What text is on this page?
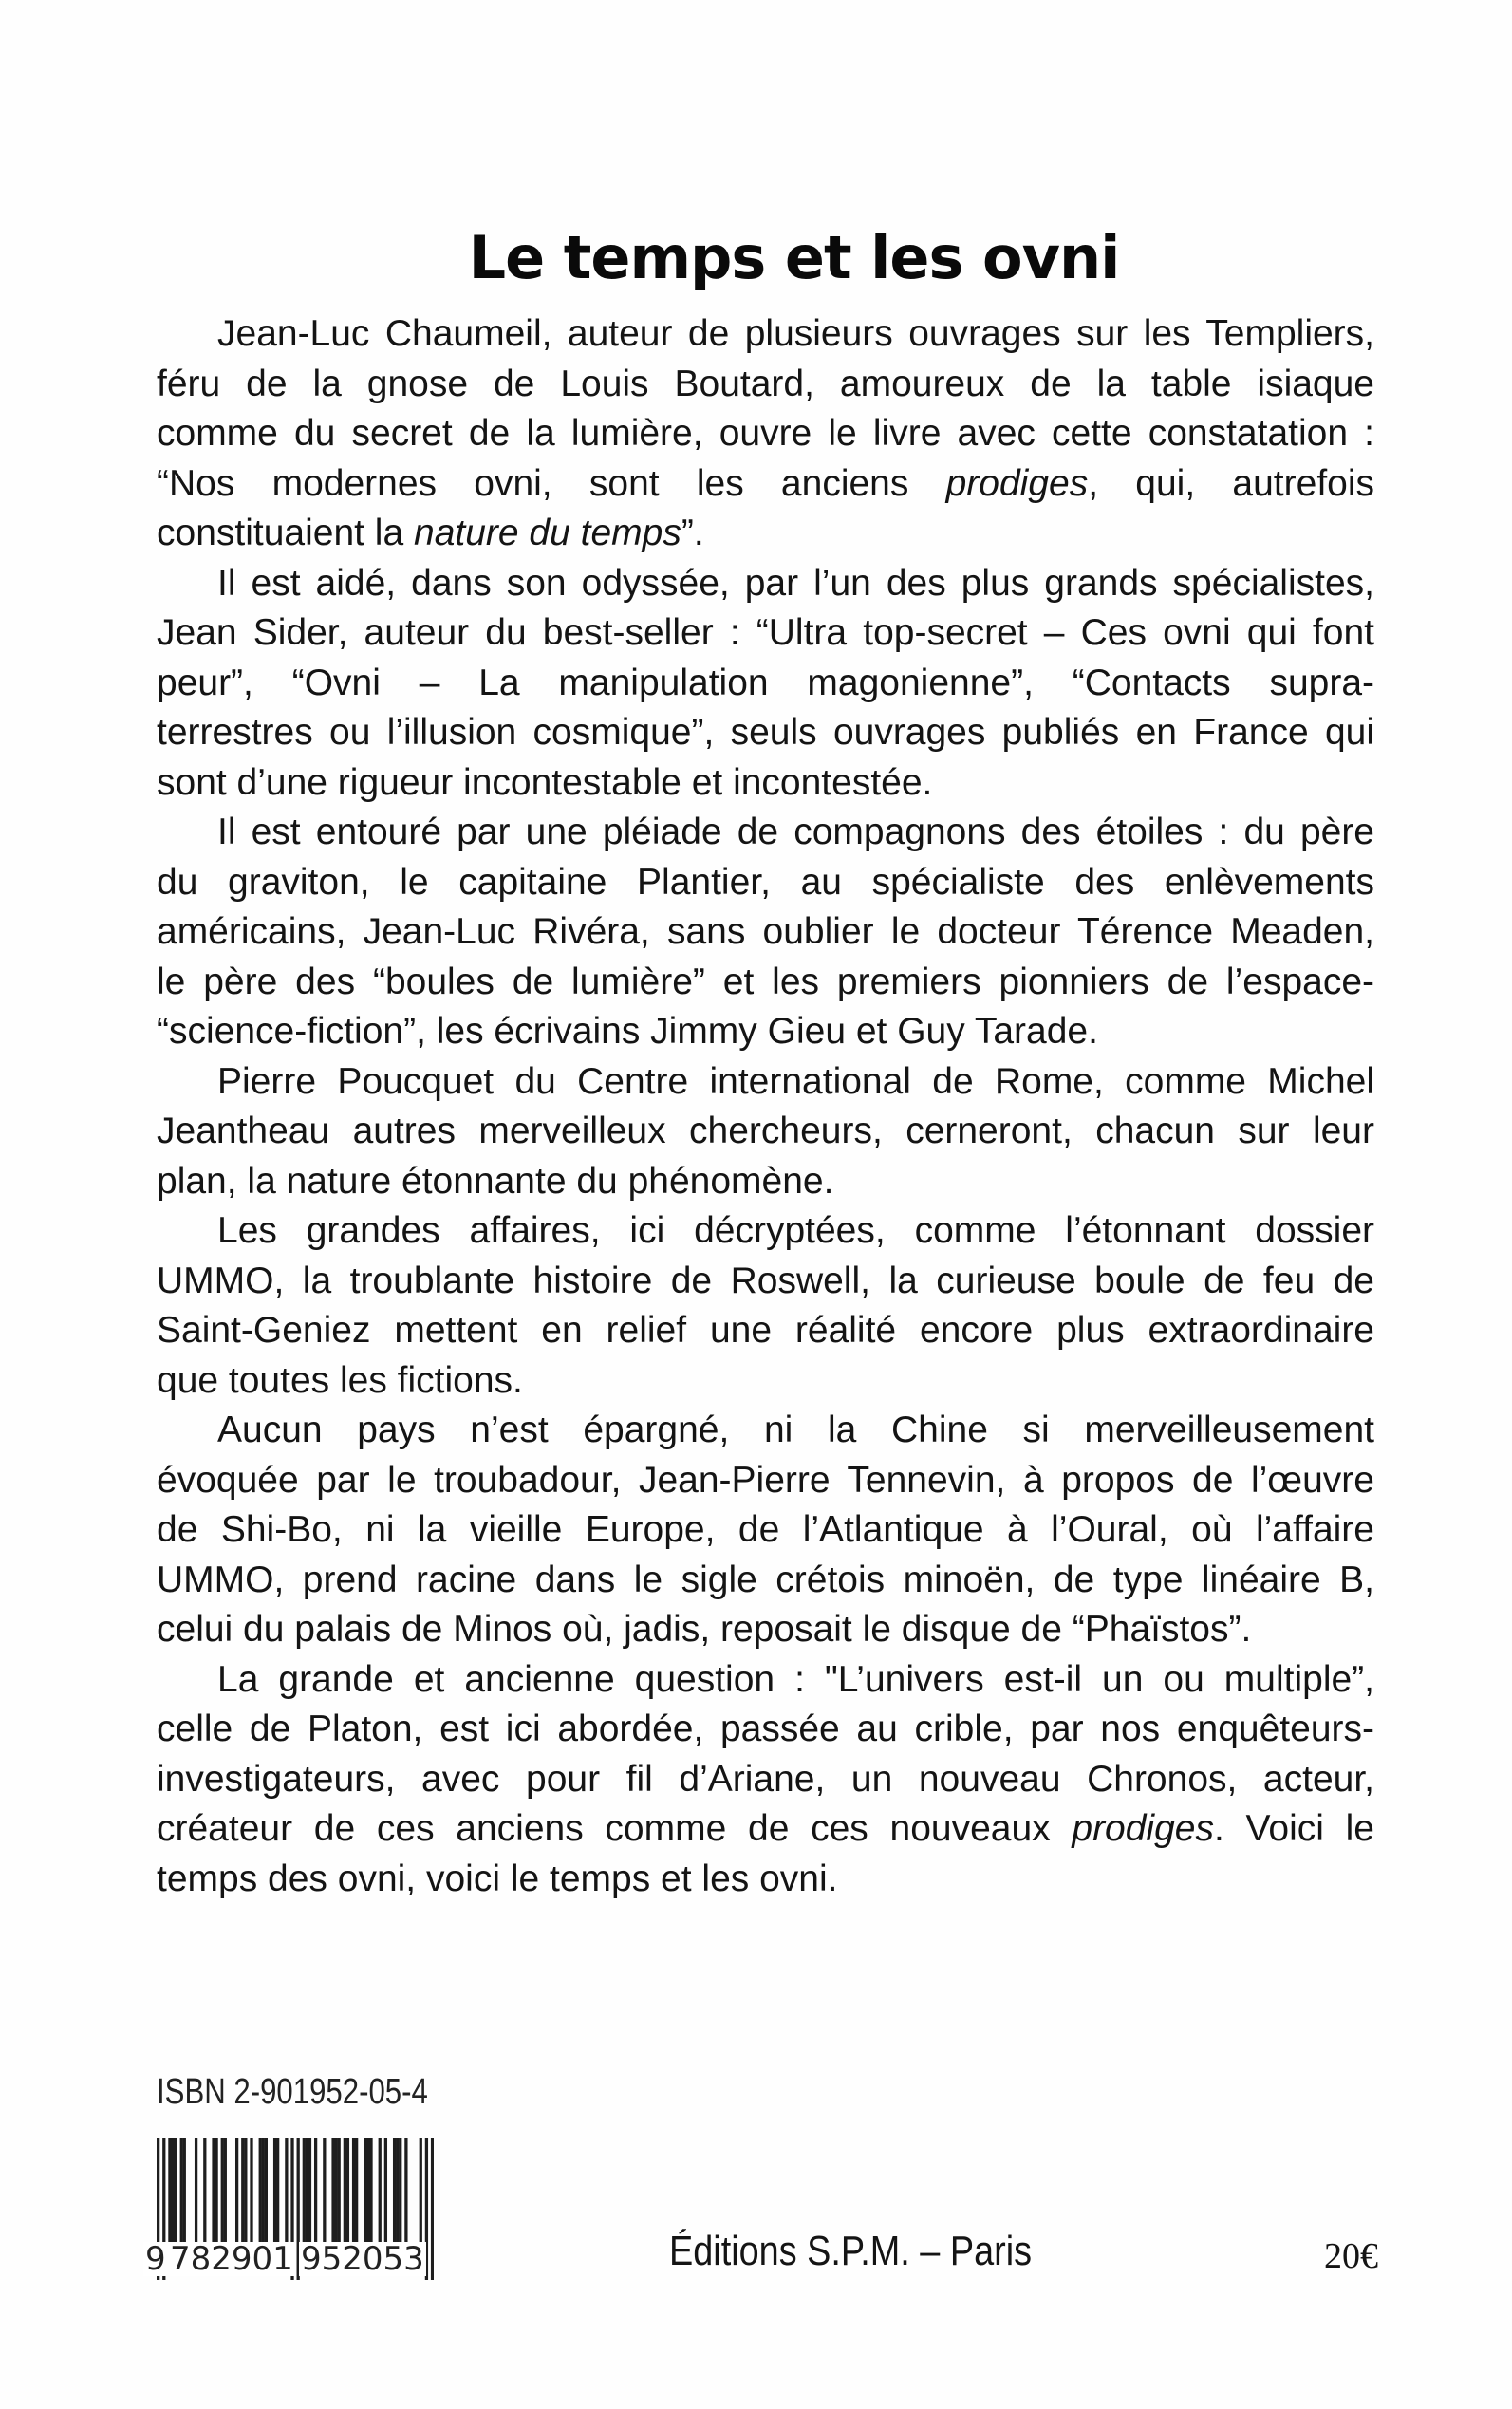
Le temps et les ovni
Jean-Luc Chaumeil, auteur de plusieurs ouvrages sur les Templiers,
féru de la gnose de Louis Boutard, amoureux de la table isiaque
comme du secret de la lumière, ouvre le livre avec cette constatation :
“Nos modernes ovni, sont les anciens prodiges, qui, autrefois
constituaient la nature du temps”.
Il est aidé, dans son odyssée, par l’un des plus grands spécialistes,
Jean Sider, auteur du best-seller : “Ultra top-secret – Ces ovni qui font
peur”, “Ovni – La manipulation magonienne”, “Contacts supra-
terrestres ou l’illusion cosmique”, seuls ouvrages publiés en France qui
sont d’une rigueur incontestable et incontestée.
Il est entouré par une pléiade de compagnons des étoiles : du père
du graviton, le capitaine Plantier, au spécialiste des enlèvements
américains, Jean-Luc Rivéra, sans oublier le docteur Térence Meaden,
le père des “boules de lumière” et les premiers pionniers de l’espace-
“science-fiction”, les écrivains Jimmy Gieu et Guy Tarade.
Pierre Poucquet du Centre international de Rome, comme Michel
Jeantheau autres merveilleux chercheurs, cerneront, chacun sur leur
plan, la nature étonnante du phénomène.
Les grandes affaires, ici décryptées, comme l’étonnant dossier
UMMO, la troublante histoire de Roswell, la curieuse boule de feu de
Saint-Geniez mettent en relief une réalité encore plus extraordinaire
que toutes les fictions.
Aucun pays n’est épargné, ni la Chine si merveilleusement
évoquée par le troubadour, Jean-Pierre Tennevin, à propos de l’œuvre
de Shi-Bo, ni la vieille Europe, de l’Atlantique à l’Oural, où l’affaire
UMMO, prend racine dans le sigle crétois minoën, de type linéaire B,
celui du palais de Minos où, jadis, reposait le disque de “Phaïstos”.
La grande et ancienne question : "L’univers est-il un ou multiple”,
celle de Platon, est ici abordée, passée au crible, par nos enquêteurs-
investigateurs, avec pour fil d’Ariane, un nouveau Chronos, acteur,
créateur de ces anciens comme de ces nouveaux prodiges. Voici le
temps des ovni, voici le temps et les ovni.
ISBN 2-901952-05-4
9 782901 952053	Éditions S.P.M. – Paris	20€
